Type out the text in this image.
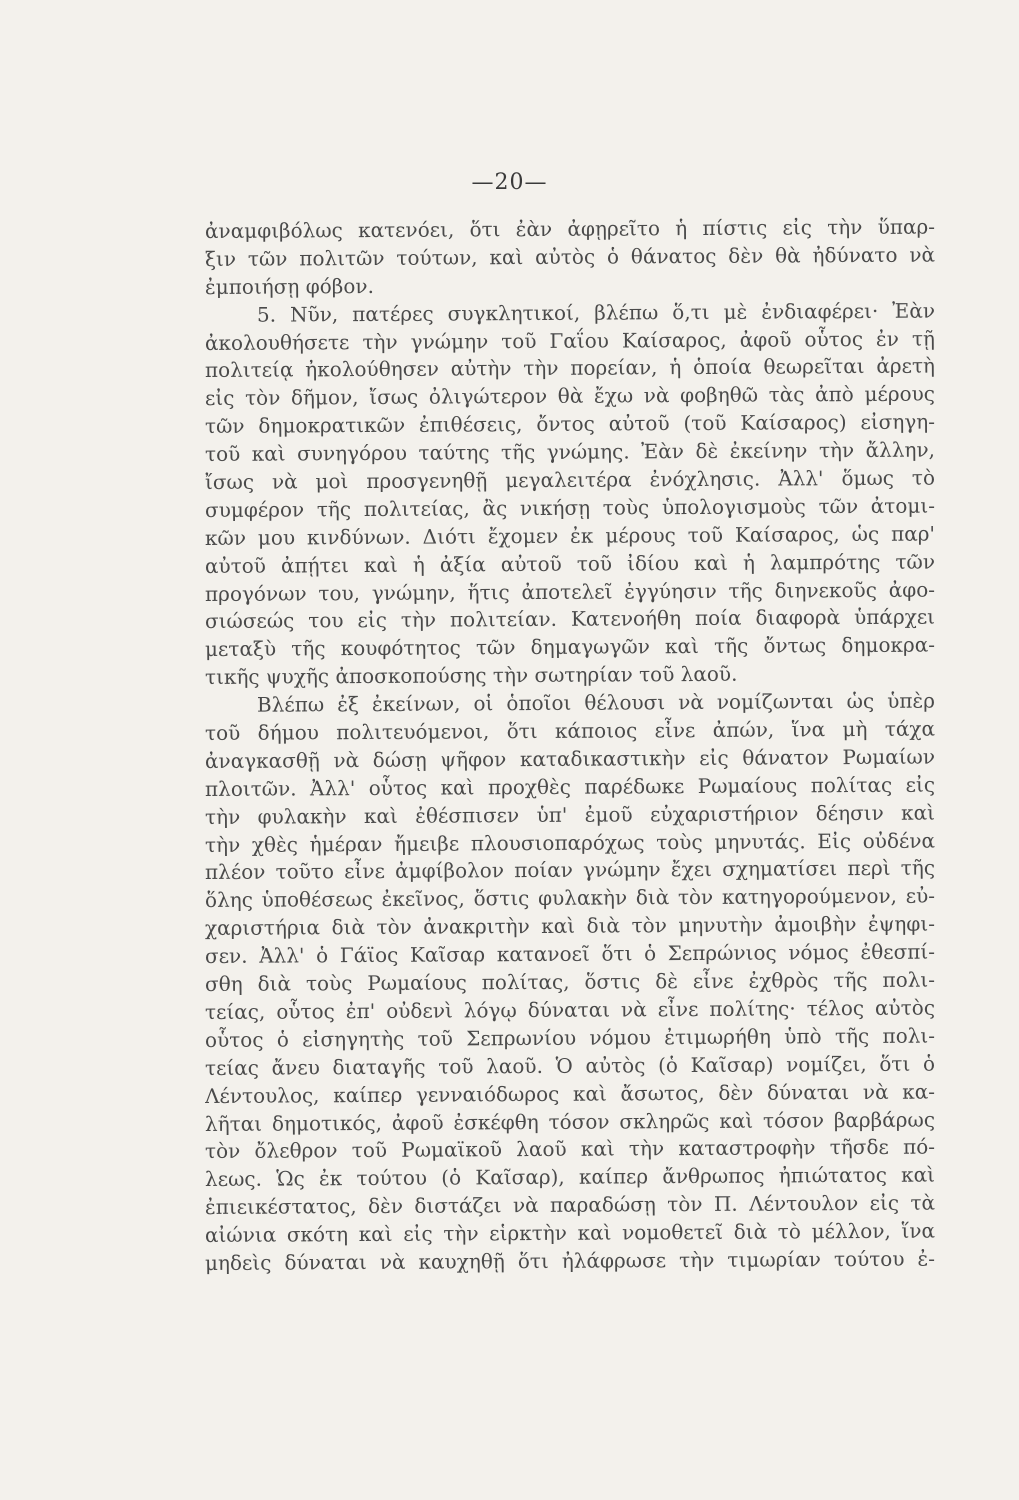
—20—
ἀναμφιβόλως κατενόει, ὅτι ἐὰν ἀφῃρεῖτο ἡ πίστις εἰς τὴν ὕπαρ-
ξιν τῶν πολιτῶν τούτων, καὶ αὐτὸς ὁ θάνατος δὲν θὰ ἠδύνατο νὰ
ἐμποιήσῃ φόβον.
5. Νῦν, πατέρες συγκλητικοί, βλέπω ὅ,τι μὲ ἐνδιαφέρει· Ἐὰν
ἀκολουθήσετε τὴν γνώμην τοῦ Γαΐου Καίσαρος, ἀφοῦ οὗτος ἐν τῇ
πολιτείᾳ ἠκολούθησεν αὐτὴν τὴν πορείαν, ἡ ὁποία θεωρεῖται ἀρετὴ
εἰς τὸν δῆμον, ἴσως ὀλιγώτερον θὰ ἔχω νὰ φοβηθῶ τὰς ἀπὸ μέρους
τῶν δημοκρατικῶν ἐπιθέσεις, ὄντος αὐτοῦ (τοῦ Καίσαρος) εἰσηγη-
τοῦ καὶ συνηγόρου ταύτης τῆς γνώμης. Ἐὰν δὲ ἐκείνην τὴν ἄλλην,
ἴσως νὰ μοὶ προσγενηθῇ μεγαλειτέρα ἐνόχλησις. Ἀλλ' ὅμως τὸ
συμφέρον τῆς πολιτείας, ἂς νικήσῃ τοὺς ὑπολογισμοὺς τῶν ἀτομι-
κῶν μου κινδύνων. Διότι ἔχομεν ἐκ μέρους τοῦ Καίσαρος, ὡς παρ'
αὐτοῦ ἀπῄτει καὶ ἡ ἀξία αὐτοῦ τοῦ ἰδίου καὶ ἡ λαμπρότης τῶν
προγόνων του, γνώμην, ἥτις ἀποτελεῖ ἐγγύησιν τῆς διηνεκοῦς ἀφο-
σιώσεώς του εἰς τὴν πολιτείαν. Κατενοήθη ποία διαφορὰ ὑπάρχει
μεταξὺ τῆς κουφότητος τῶν δημαγωγῶν καὶ τῆς ὄντως δημοκρα-
τικῆς ψυχῆς ἀποσκοπούσης τὴν σωτηρίαν τοῦ λαοῦ.
Βλέπω ἐξ ἐκείνων, οἱ ὁποῖοι θέλουσι νὰ νομίζωνται ὡς ὑπὲρ
τοῦ δήμου πολιτευόμενοι, ὅτι κάποιος εἶνε ἀπών, ἵνα μὴ τάχα
ἀναγκασθῇ νὰ δώσῃ ψῆφον καταδικαστικὴν εἰς θάνατον Ρωμαίων
πλοιτῶν. Ἀλλ' οὗτος καὶ προχθὲς παρέδωκε Ρωμαίους πολίτας εἰς
τὴν φυλακὴν καὶ ἐθέσπισεν ὑπ' ἐμοῦ εὐχαριστήριον δέησιν καὶ
τὴν χθὲς ἡμέραν ἤμειβε πλουσιοπαρόχως τοὺς μηνυτάς. Εἰς οὐδένα
πλέον τοῦτο εἶνε ἀμφίβολον ποίαν γνώμην ἔχει σχηματίσει περὶ τῆς
ὅλης ὑποθέσεως ἐκεῖνος, ὅστις φυλακὴν διὰ τὸν κατηγορούμενον, εὐ-
χαριστήρια διὰ τὸν ἀνακριτὴν καὶ διὰ τὸν μηνυτὴν ἀμοιβὴν ἐψηφι-
σεν. Ἀλλ' ὁ Γάϊος Καῖσαρ κατανοεῖ ὅτι ὁ Σεπρώνιος νόμος ἐθεσπί-
σθη διὰ τοὺς Ρωμαίους πολίτας, ὅστις δὲ εἶνε ἐχθρὸς τῆς πολι-
τείας, οὗτος ἐπ' οὐδενὶ λόγῳ δύναται νὰ εἶνε πολίτης· τέλος αὐτὸς
οὗτος ὁ εἰσηγητὴς τοῦ Σεπρωνίου νόμου ἐτιμωρήθη ὑπὸ τῆς πολι-
τείας ἄνευ διαταγῆς τοῦ λαοῦ. Ὁ αὐτὸς (ὁ Καῖσαρ) νομίζει, ὅτι ὁ
Λέντουλος, καίπερ γενναιόδωρος καὶ ἄσωτος, δὲν δύναται νὰ κα-
λῆται δημοτικός, ἀφοῦ ἐσκέφθη τόσον σκληρῶς καὶ τόσον βαρβάρως
τὸν ὄλεθρον τοῦ Ρωμαϊκοῦ λαοῦ καὶ τὴν καταστροφὴν τῆσδε πό-
λεως. Ὡς ἐκ τούτου (ὁ Καῖσαρ), καίπερ ἄνθρωπος ἠπιώτατος καὶ
ἐπιεικέστατος, δὲν διστάζει νὰ παραδώσῃ τὸν Π. Λέντουλον εἰς τὰ
αἰώνια σκότη καὶ εἰς τὴν εἱρκτὴν καὶ νομοθετεῖ διὰ τὸ μέλλον, ἵνα
μηδεὶς δύναται νὰ καυχηθῇ ὅτι ἠλάφρωσε τὴν τιμωρίαν τούτου ἐ-
